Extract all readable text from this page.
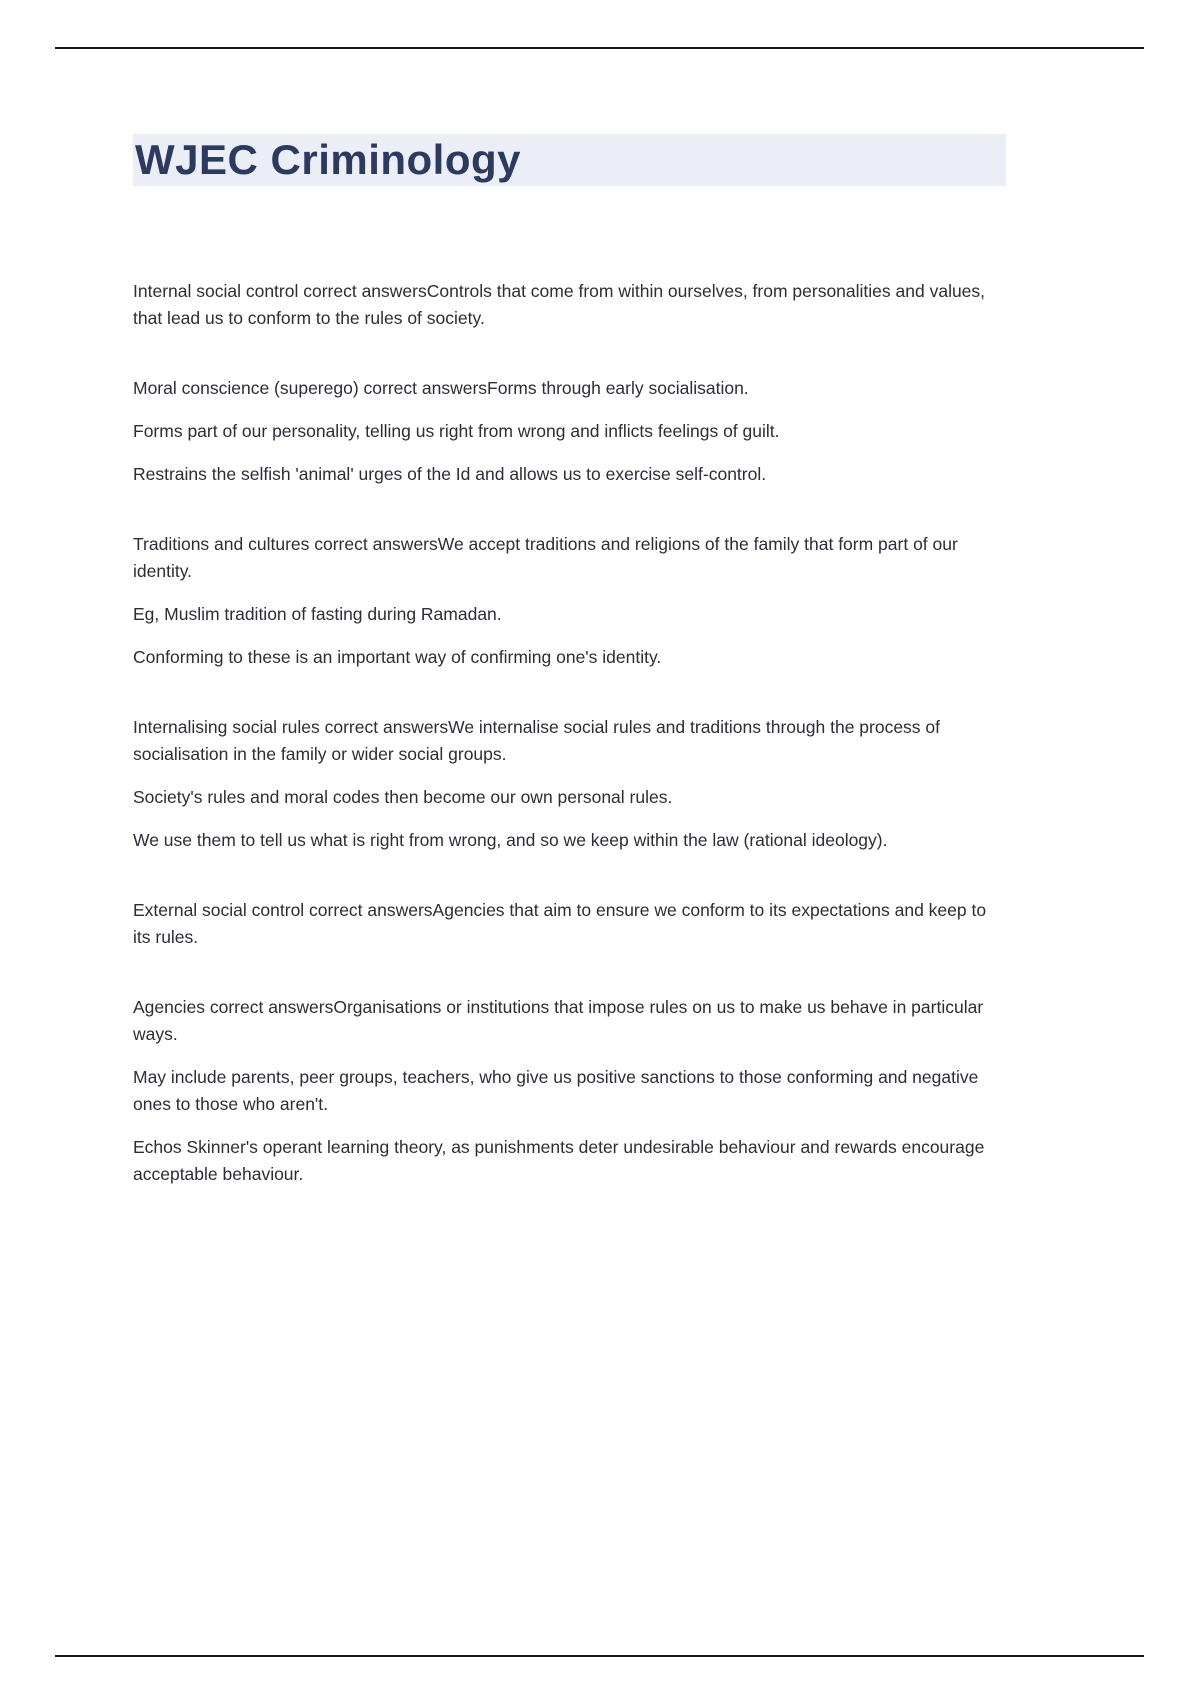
WJEC Criminology

Internal social control correct answersControls that come from within ourselves, from personalities and values, that lead us to conform to the rules of society.

Moral conscience (superego) correct answersForms through early socialisation.

Forms part of our personality, telling us right from wrong and inflicts feelings of guilt.

Restrains the selfish 'animal' urges of the Id and allows us to exercise self-control.

Traditions and cultures correct answersWe accept traditions and religions of the family that form part of our identity.

Eg, Muslim tradition of fasting during Ramadan.

Conforming to these is an important way of confirming one's identity.

Internalising social rules correct answersWe internalise social rules and traditions through the process of socialisation in the family or wider social groups.

Society's rules and moral codes then become our own personal rules.

We use them to tell us what is right from wrong, and so we keep within the law (rational ideology).

External social control correct answersAgencies that aim to ensure we conform to its expectations and keep to its rules.

Agencies correct answersOrganisations or institutions that impose rules on us to make us behave in particular ways.

May include parents, peer groups, teachers, who give us positive sanctions to those conforming and negative ones to those who aren't.

Echos Skinner's operant learning theory, as punishments deter undesirable behaviour and rewards encourage acceptable behaviour.
